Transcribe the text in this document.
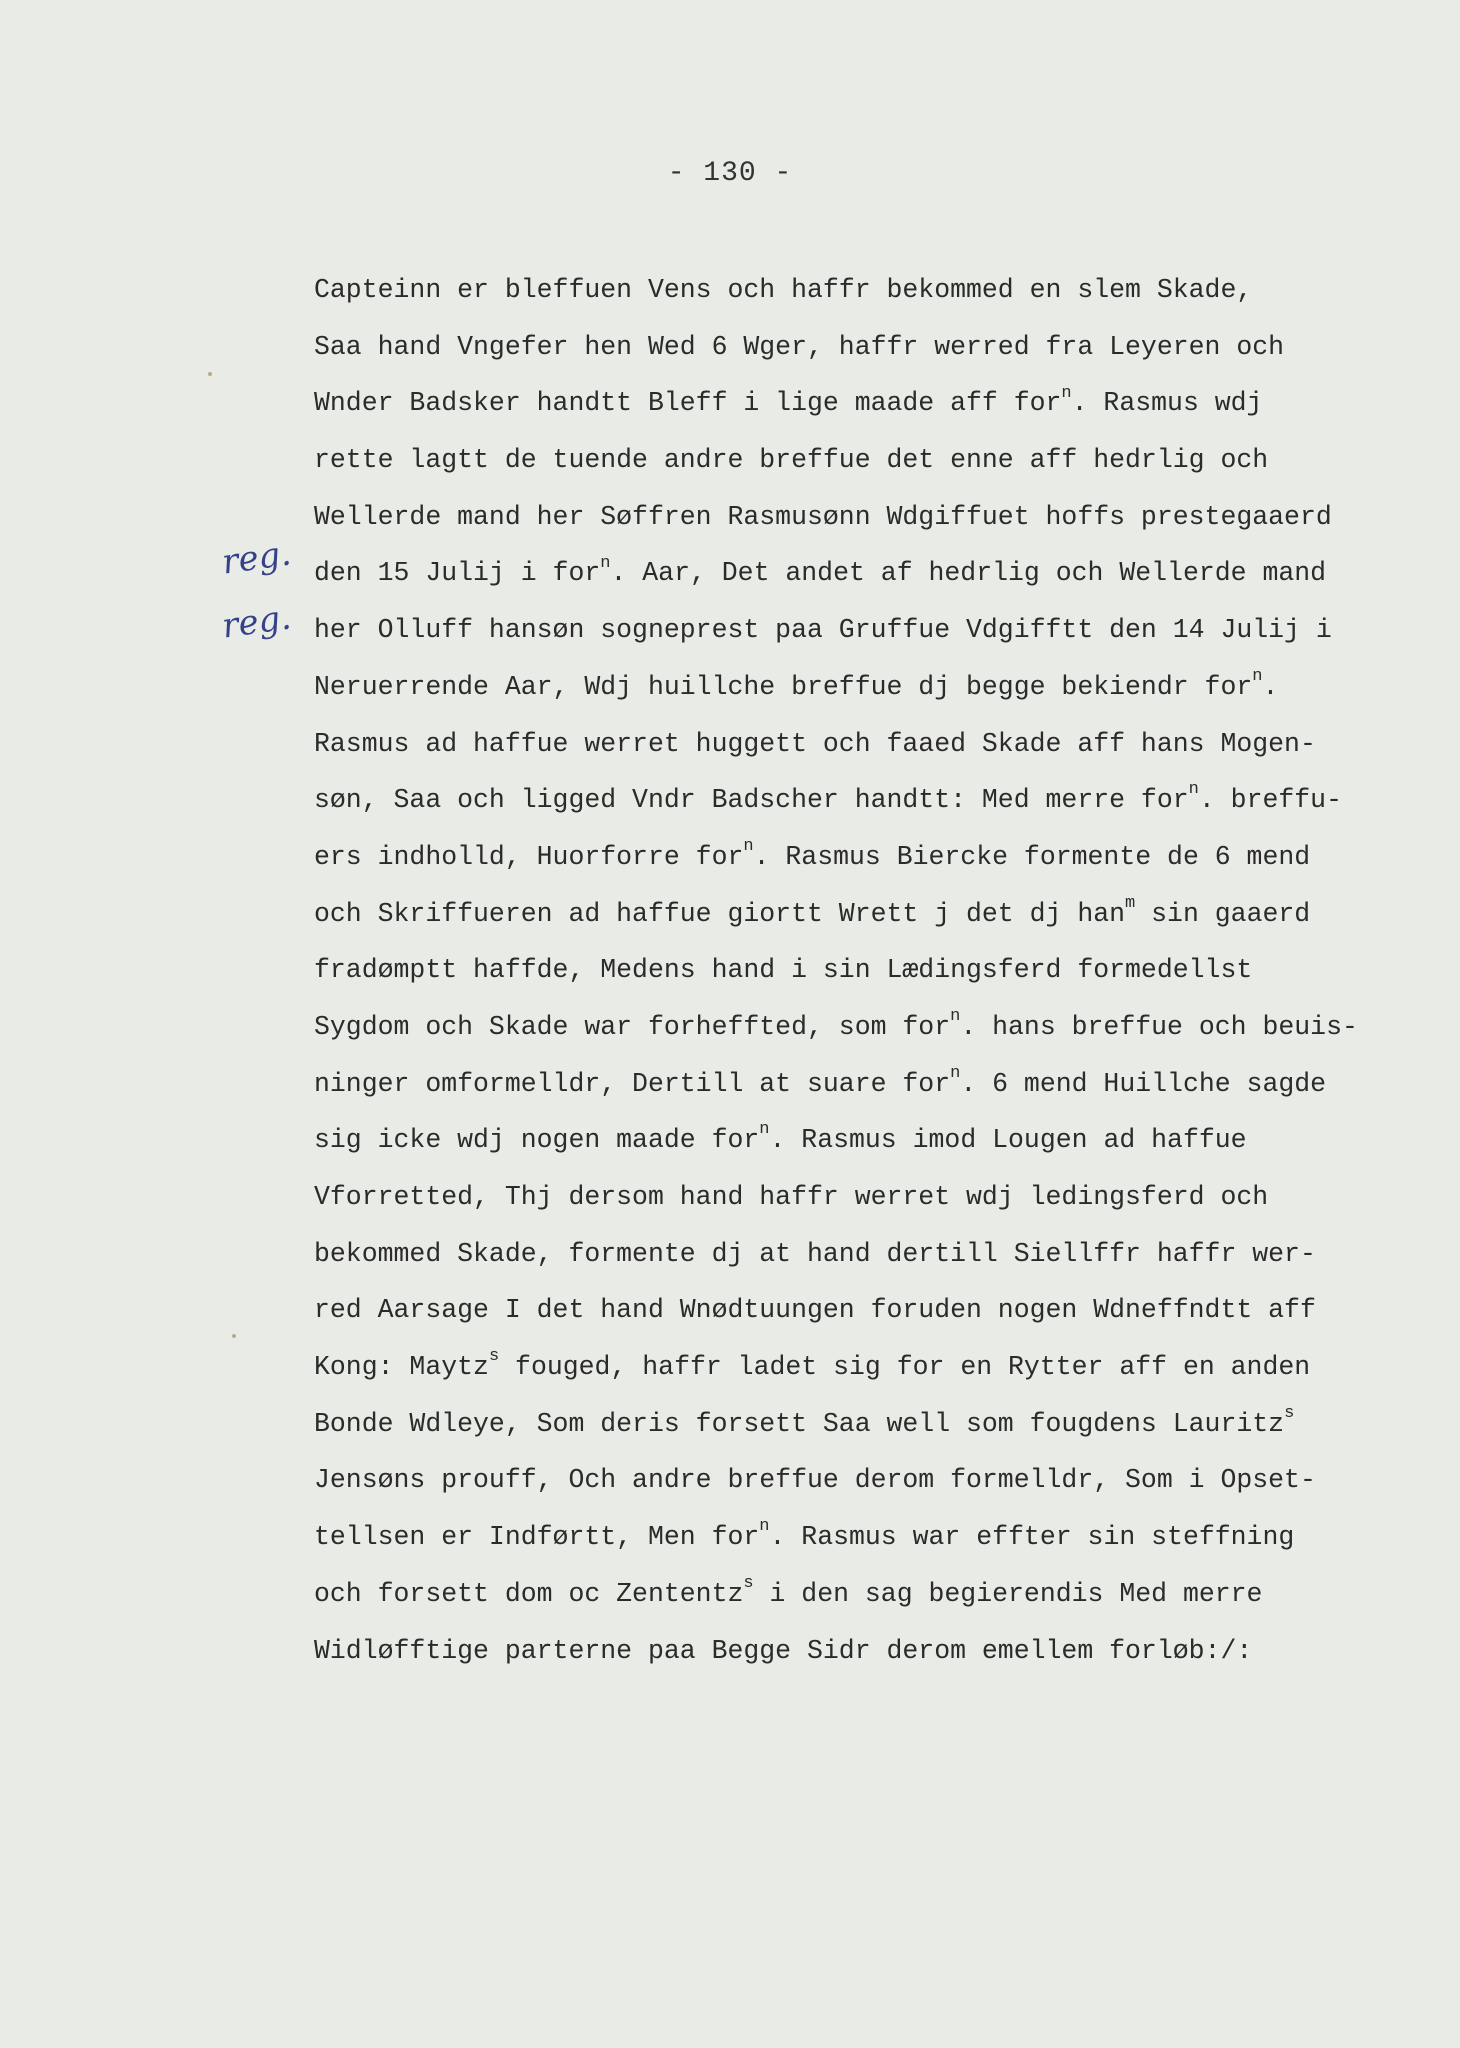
- 130 -
reg.
reg.
Capteinn er bleffuen Vens och haffr bekommed en slem Skade,
Saa hand Vngefer hen Wed 6 Wger, haffr werred fra Leyeren och
Wnder Badsker handtt Bleff i lige maade aff for$^n$. Rasmus wdj
rette lagtt de tuende andre breffue det enne aff hedrlig och
Wellerde mand her Søffren Rasmusønn Wdgiffuet hoffs prestegaaerd
den 15 Julij i for$^n$. Aar, Det andet af hedrlig och Wellerde mand
her Olluff hansøn sogneprest paa Gruffue Vdgifftt den 14 Julij i
Neruerrende Aar, Wdj huillche breffue dj begge bekiendr for$^n$.
Rasmus ad haffue werret huggett och faaed Skade aff hans Mogen-
søn, Saa och ligged Vndr Badscher handtt: Med merre for$^n$. breffu-
ers indholld, Huorforre for$^n$. Rasmus Biercke formente de 6 mend
och Skriffueren ad haffue giortt Wrett j det dj han$^m$ sin gaaerd
fradømptt haffde, Medens hand i sin Lædingsferd formedellst
Sygdom och Skade war forheffted, som for$^n$. hans breffue och beuis-
ninger omformelldr, Dertill at suare for$^n$. 6 mend Huillche sagde
sig icke wdj nogen maade for$^n$. Rasmus imod Lougen ad haffue
Vforretted, Thj dersom hand haffr werret wdj ledingsferd och
bekommed Skade, formente dj at hand dertill Siellffr haffr wer-
red Aarsage I det hand Wnødtuungen foruden nogen Wdneffndtt aff
Kong: Maytz$^s$ fouged, haffr ladet sig for en Rytter aff en anden
Bonde Wdleye, Som deris forsett Saa well som fougdens Lauritz$^s$
Jensøns prouff, Och andre breffue derom formelldr, Som i Opset-
tellsen er Indførtt, Men for$^n$. Rasmus war effter sin steffning
och forsett dom oc Zententz$^s$ i den sag begierendis Med merre
Widløfftige parterne paa Begge Sidr derom emellem forløb:/:
